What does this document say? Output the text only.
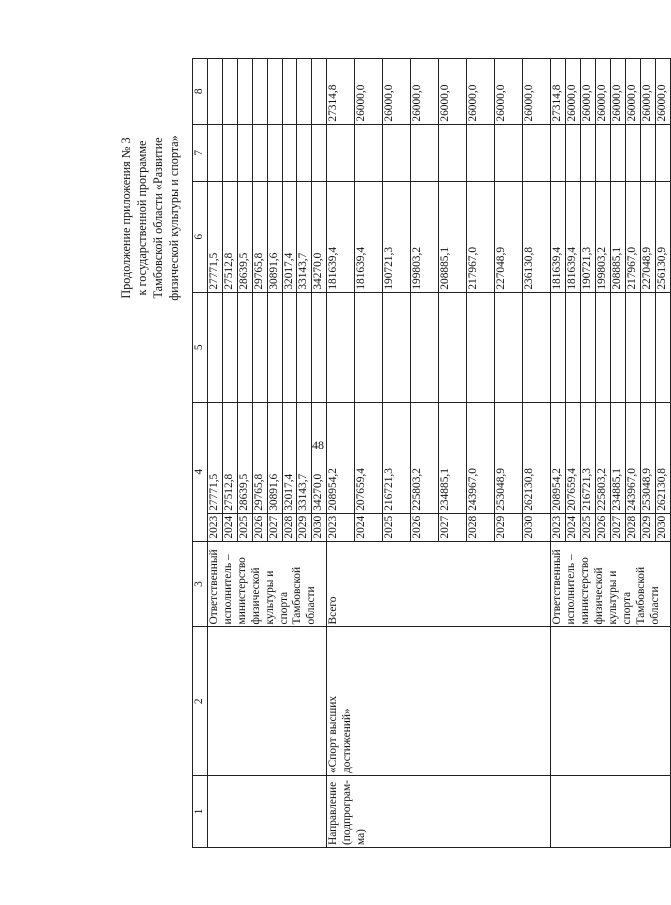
48
Продолжение приложения № 3 к государственной программе Тамбовской области «Развитие физической культуры и спорта»
1	2	3	4		5	6	7	8
		Ответственный исполнитель – министерство физической культуры и спорта Тамбовской области	2023	27771,5		27771,5		
			2024	27512,8		27512,8		
			2025	28639,5		28639,5		
			2026	29765,8		29765,8		
			2027	30891,6		30891,6		
			2028	32017,4		32017,4		
			2029	33143,7		33143,7		
			2030	34270,0		34270,0		
Направление (подпрограм-ма)	«Спорт высших достижений»	Всего	2023	208954,2		181639,4		27314,8
			2024	207659,4		181639,4		26000,0
			2025	216721,3		190721,3		26000,0
			2026	225803,2		199803,2		26000,0
			2027	234885,1		208885,1		26000,0
			2028	243967,0		217967,0		26000,0
			2029	253048,9		227048,9		26000,0
			2030	262130,8		236130,8		26000,0
		Ответственный исполнитель – министерство физической культуры и спорта Тамбовской области	2023	208954,2		181639,4		27314,8
			2024	207659,4		181639,4		26000,0
			2025	216721,3		190721,3		26000,0
			2026	225803,2		199803,2		26000,0
			2027	234885,1		208885,1		26000,0
			2028	243967,0		217967,0		26000,0
			2029	253048,9		227048,9		26000,0
			2030	262130,8		256130,9		26000,0
